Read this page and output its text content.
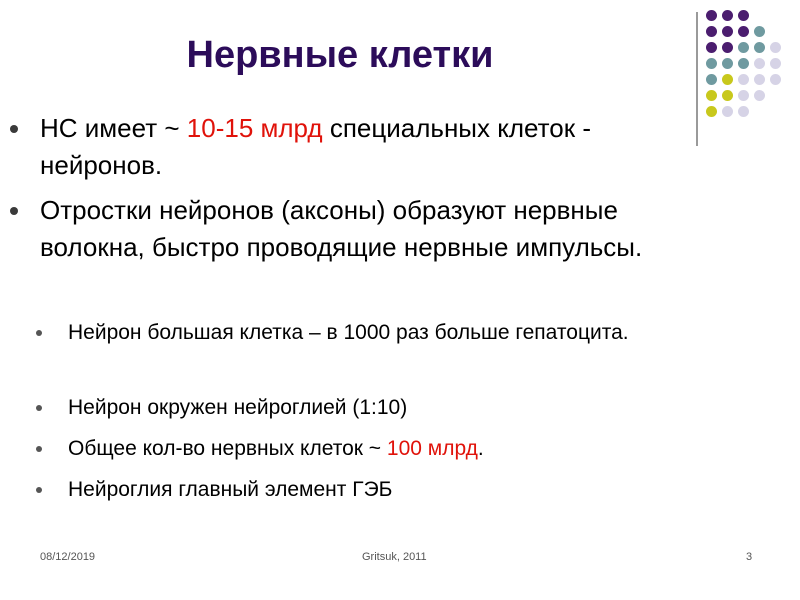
Нервные клетки
НС имеет ~ 10-15 млрд специальных клеток - нейронов.
Отростки нейронов (аксоны) образуют нервные волокна, быстро проводящие нервные импульсы.
Нейрон большая клетка – в 1000 раз больше гепатоцита.
Нейрон окружен нейроглией (1:10)
Общее кол-во нервных клеток ~ 100 млрд.
Нейроглия главный элемент ГЭБ
08/12/2019	Gritsuk, 2011	3
